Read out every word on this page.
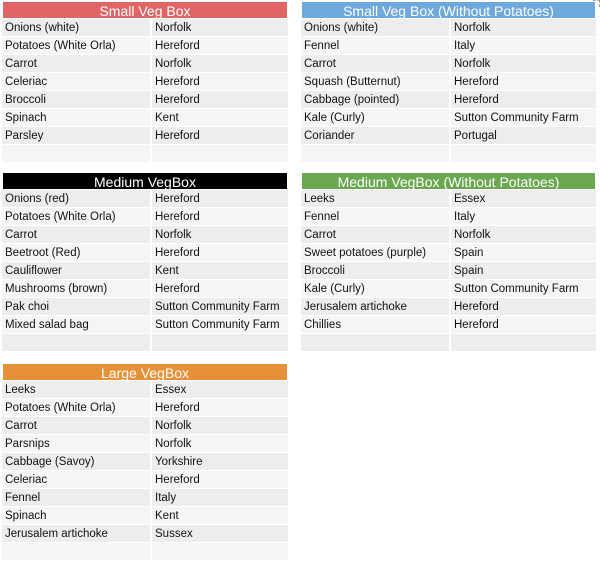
Small Veg Box
Onions (white)	Norfolk
Potatoes (White Orla)	Hereford
Carrot	Norfolk
Celeriac	Hereford
Broccoli	Hereford
Spinach	Kent
Parsley	Hereford
Small Veg Box (Without Potatoes)
Onions (white)	Norfolk
Fennel	Italy
Carrot	Norfolk
Squash (Butternut)	Hereford
Cabbage (pointed)	Hereford
Kale (Curly)	Sutton Community Farm
Coriander	Portugal
Medium VegBox
Onions (red)	Hereford
Potatoes (White Orla)	Hereford
Carrot	Norfolk
Beetroot (Red)	Hereford
Cauliflower	Kent
Mushrooms (brown)	Hereford
Pak choi	Sutton Community Farm
Mixed salad bag	Sutton Community Farm
Medium VegBox (Without Potatoes)
Leeks	Essex
Fennel	Italy
Carrot	Norfolk
Sweet potatoes (purple)	Spain
Broccoli	Spain
Kale (Curly)	Sutton Community Farm
Jerusalem artichoke	Hereford
Chillies	Hereford
Large VegBox
Leeks	Essex
Potatoes (White Orla)	Hereford
Carrot	Norfolk
Parsnips	Norfolk
Cabbage (Savoy)	Yorkshire
Celeriac	Hereford
Fennel	Italy
Spinach	Kent
Jerusalem artichoke	Sussex
